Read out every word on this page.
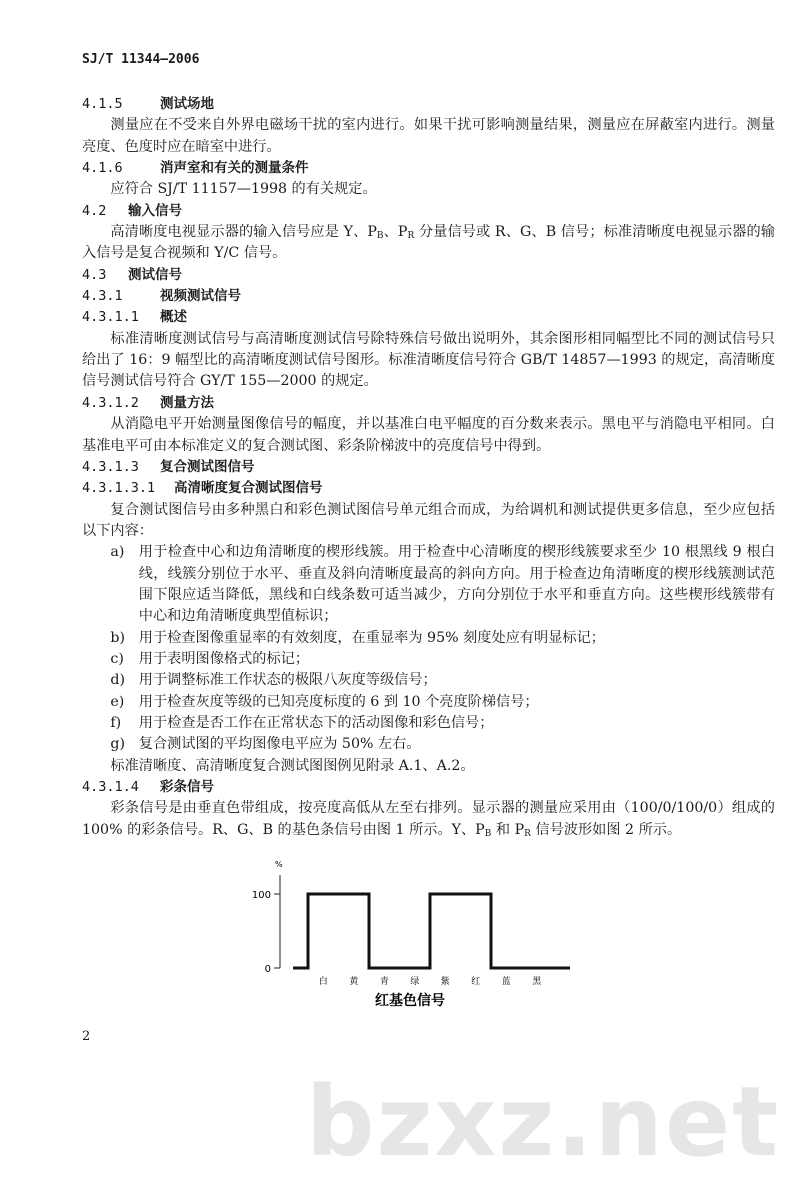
SJ/T 11344—2006
bzxz.net
4.1.5	测试场地
测量应在不受来自外界电磁场干扰的室内进行。如果干扰可影响测量结果，测量应在屏蔽室内进行。测量亮度、色度时应在暗室中进行。
4.1.6	消声室和有关的测量条件
应符合 SJ/T 11157—1998 的有关规定。
4.2 输入信号
高清晰度电视显示器的输入信号应是 Y、$P_B$、$P_R$ 分量信号或 R、G、B 信号；标准清晰度电视显示器的输入信号是复合视频和 Y/C 信号。
4.3 测试信号
4.3.1	视频测试信号
4.3.1.1 概述
标准清晰度测试信号与高清晰度测试信号除特殊信号做出说明外，其余图形相同幅型比不同的测试信号只给出了 16：9 幅型比的高清晰度测试信号图形。标准清晰度信号符合 GB/T 14857—1993 的规定，高清晰度信号测试信号符合 GY/T 155—2000 的规定。
4.3.1.2 测量方法
从消隐电平开始测量图像信号的幅度，并以基准白电平幅度的百分数来表示。黑电平与消隐电平相同。白基准电平可由本标准定义的复合测试图、彩条阶梯波中的亮度信号中得到。
4.3.1.3 复合测试图信号
4.3.1.3.1 高清晰度复合测试图信号
复合测试图信号由多种黑白和彩色测试图信号单元组合而成，为给调机和测试提供更多信息，至少应包括以下内容：
a)	用于检查中心和边角清晰度的楔形线簇。用于检查中心清晰度的楔形线簇要求至少 10 根黑线 9 根白线，线簇分别位于水平、垂直及斜向清晰度最高的斜向方向。用于检查边角清晰度的楔形线簇测试范围下限应适当降低，黑线和白线条数可适当减少，方向分别位于水平和垂直方向。这些楔形线簇带有中心和边角清晰度典型值标识；
b) 用于检查图像重显率的有效刻度，在重显率为 95% 刻度处应有明显标记；
c)	用于表明图像格式的标记；
d) 用于调整标准工作状态的极限八灰度等级信号；
e)	用于检查灰度等级的已知亮度标度的 6 到 10 个亮度阶梯信号；
f)	用于检查是否工作在正常状态下的活动图像和彩色信号；
g) 复合测试图的平均图像电平应为 50% 左右。
标准清晰度、高清晰度复合测试图图例见附录 A.1、A.2。
4.3.1.4 彩条信号
彩条信号是由垂直色带组成，按亮度高低从左至右排列。显示器的测量应采用由（100/0/100/0）组成的 100% 的彩条信号。R、G、B 的基色条信号由图 1 所示。Y、$P_B$ 和 $P_R$ 信号波形如图 2 所示。
%
100
0
白 黄 青 绿 紫 红 蓝 黑
红基色信号
2
